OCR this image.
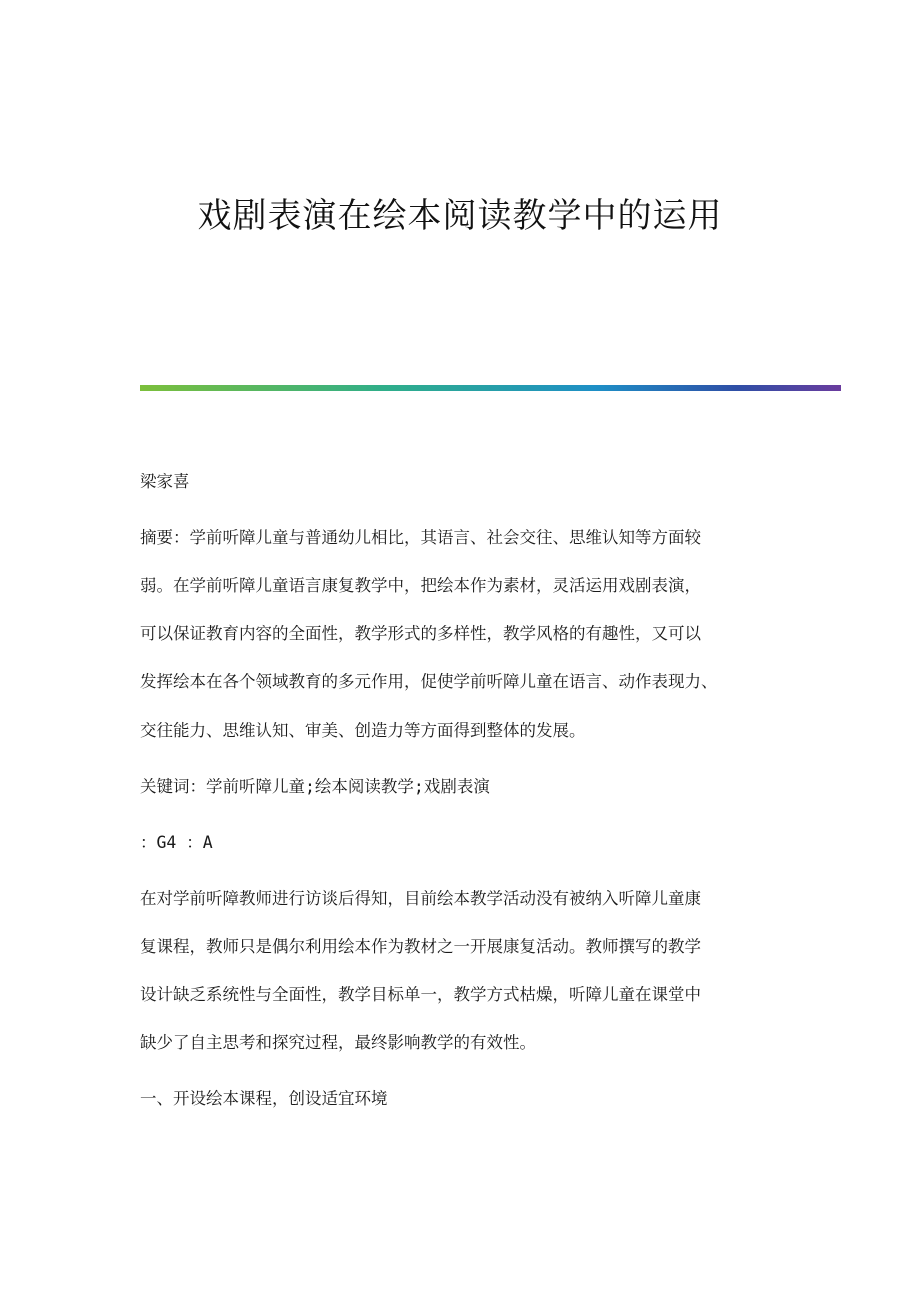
戏剧表演在绘本阅读教学中的运用
梁家喜
摘要：学前听障儿童与普通幼儿相比，其语言、社会交往、思维认知等方面较
弱。在学前听障儿童语言康复教学中，把绘本作为素材，灵活运用戏剧表演，
可以保证教育内容的全面性，教学形式的多样性，教学风格的有趣性，又可以
发挥绘本在各个领域教育的多元作用，促使学前听障儿童在语言、动作表现力、
交往能力、思维认知、审美、创造力等方面得到整体的发展。
关键词：学前听障儿童;绘本阅读教学;戏剧表演
：G4 ：A
在对学前听障教师进行访谈后得知，目前绘本教学活动没有被纳入听障儿童康
复课程，教师只是偶尔利用绘本作为教材之一开展康复活动。教师撰写的教学
设计缺乏系统性与全面性，教学目标单一，教学方式枯燥，听障儿童在课堂中
缺少了自主思考和探究过程，最终影响教学的有效性。
一、开设绘本课程，创设适宜环境
